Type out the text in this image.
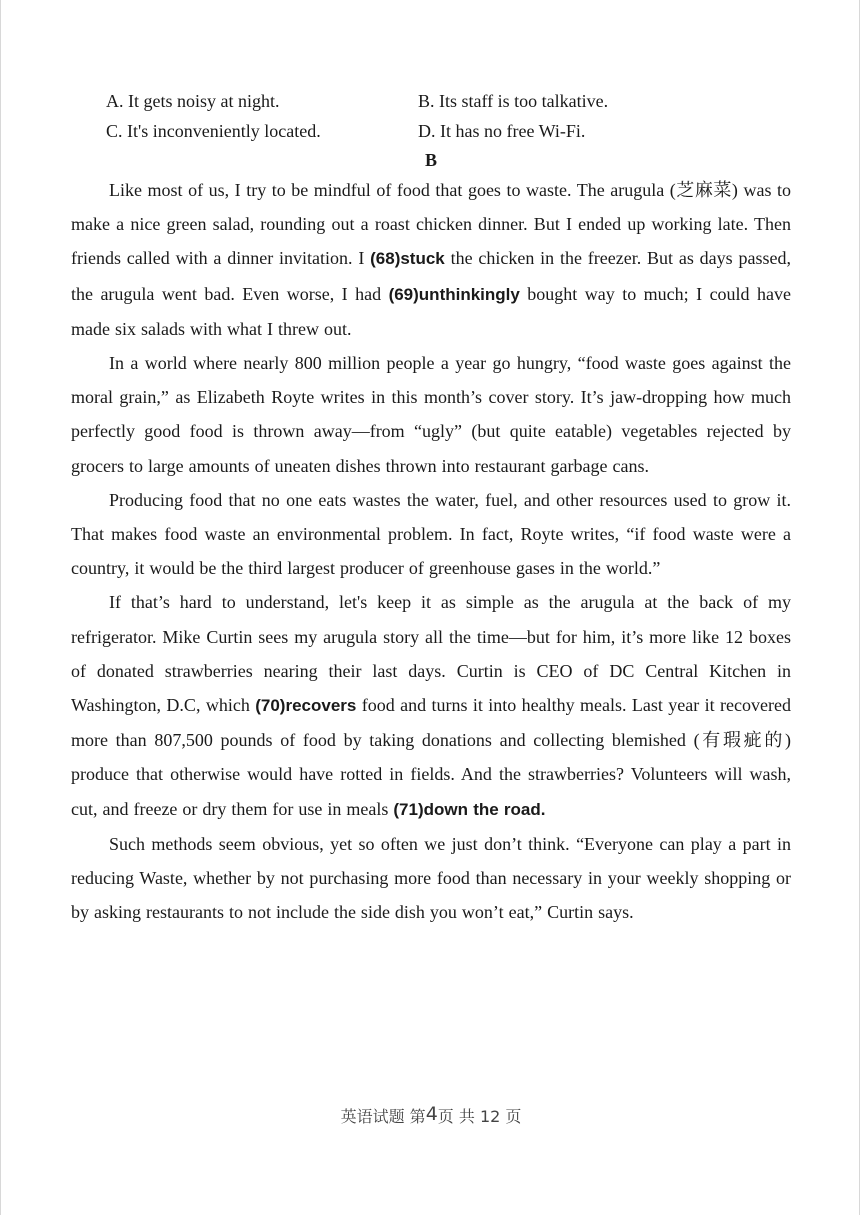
A. It gets noisy at night.	B. Its staff is too talkative.
C. It's inconveniently located.	D. It has no free Wi-Fi.
B

Like most of us, I try to be mindful of food that goes to waste. The arugula (芝麻菜) was to make a nice green salad, rounding out a roast chicken dinner. But I ended up working late. Then friends called with a dinner invitation. I (68)stuck the chicken in the freezer. But as days passed, the arugula went bad. Even worse, I had (69)unthinkingly bought way to much; I could have made six salads with what I threw out.

In a world where nearly 800 million people a year go hungry, “food waste goes against the moral grain,” as Elizabeth Royte writes in this month’s cover story. It’s jaw-dropping how much perfectly good food is thrown away—from “ugly” (but quite eatable) vegetables rejected by grocers to large amounts of uneaten dishes thrown into restaurant garbage cans.

Producing food that no one eats wastes the water, fuel, and other resources used to grow it. That makes food waste an environmental problem. In fact, Royte writes, “if food waste were a country, it would be the third largest producer of greenhouse gases in the world.”

If that’s hard to understand, let's keep it as simple as the arugula at the back of my refrigerator. Mike Curtin sees my arugula story all the time—but for him, it’s more like 12 boxes of donated strawberries nearing their last days. Curtin is CEO of DC Central Kitchen in Washington, D.C, which (70)recovers food and turns it into healthy meals. Last year it recovered more than 807,500 pounds of food by taking donations and collecting blemished (有瑕疵的) produce that otherwise would have rotted in fields. And the strawberries? Volunteers will wash, cut, and freeze or dry them for use in meals (71)down the road.

Such methods seem obvious, yet so often we just don’t think. “Everyone can play a part in reducing Waste, whether by not purchasing more food than necessary in your weekly shopping or by asking restaurants to not include the side dish you won’t eat,” Curtin says.

英语试题 第4页 共 12 页
